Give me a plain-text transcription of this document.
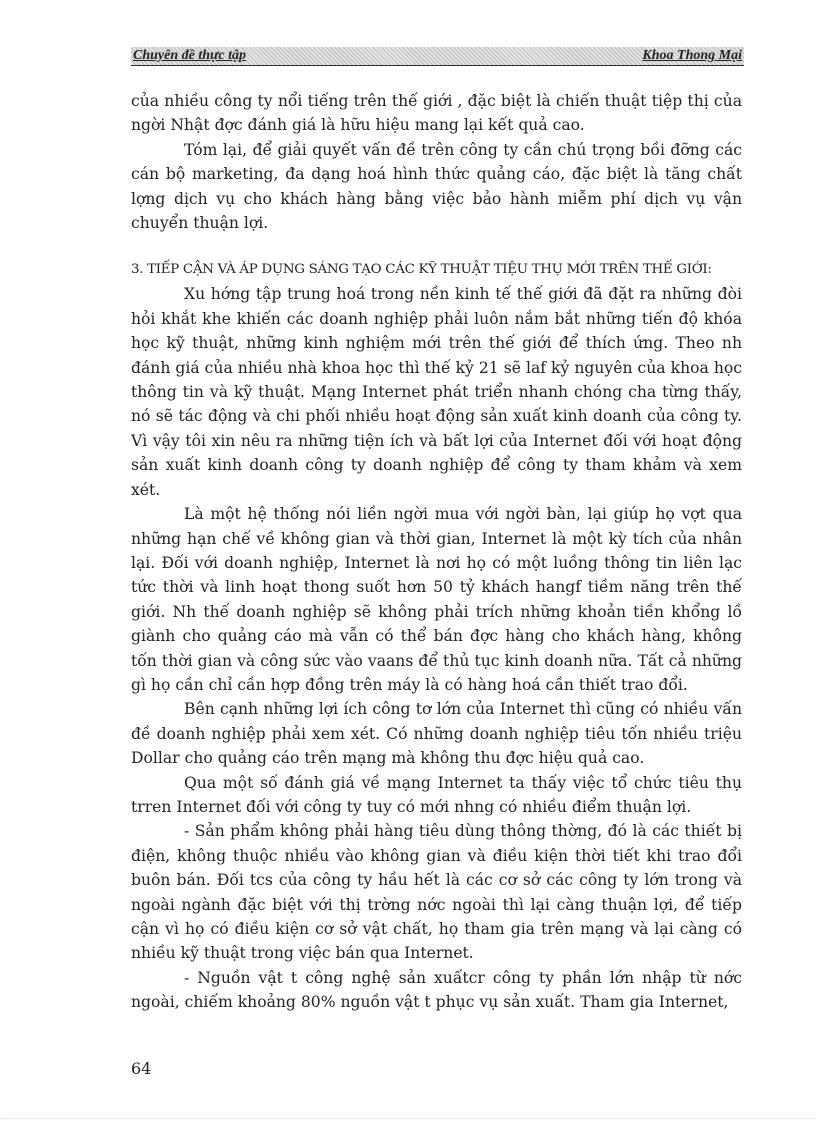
Chuyên đề thực tập	Khoa Thong Mại

của nhiều công ty nổi tiếng trên thế giới , đặc biệt là chiến thuật tiệp thị của ngời Nhật đợc đánh giá là hữu hiệu mang lại kết quả cao.

Tóm lại, để giải quyết vấn đề trên công ty cần chú trọng bồi đỡng các cán bộ marketing, đa dạng hoá hình thức quảng cáo, đặc biệt là tăng chất lợng dịch vụ cho khách hàng bằng việc bảo hành miễm phí dịch vụ vận chuyển thuận lợi.

3. TIẾP CẬN VÀ ÁP DỤNG SÁNG TẠO CÁC KỸ THUẬT TIỆU THỤ MỚI TRÊN THẾ GIỚI:

Xu hớng tập trung hoá trong nền kinh tế thế giới đã đặt ra những đòi hỏi khắt khe khiến các doanh nghiệp phải luôn nắm bắt những tiến độ khóa học kỹ thuật, những kinh nghiệm mới trên thế giới để thích ứng. Theo nh đánh giá của nhiều nhà khoa học thì thế kỷ 21 sẽ laf kỷ nguyên của khoa học thông tin và kỹ thuật. Mạng Internet phát triển nhanh chóng cha từng thấy, nó sẽ tác động và chi phối nhiều hoạt động sản xuất kinh doanh của công ty. Vì vậy tôi xin nêu ra những tiện ích và bất lợi của Internet đối với hoạt động sản xuất kinh doanh công ty doanh nghiệp để công ty tham khảm và xem xét.

Là một hệ thống nói liền ngời mua với ngời bàn, lại giúp họ vợt qua những hạn chế về không gian và thời gian, Internet là một kỳ tích của nhân lại. Đối với doanh nghiệp, Internet là nơi họ có một luồng thông tin liên lạc tức thời và linh hoạt thong suốt hơn 50 tỷ khách hangf tiềm năng trên thế giới. Nh thế doanh nghiệp sẽ không phải trích những khoản tiền khổng lồ giành cho quảng cáo mà vẫn có thể bán đợc hàng cho khách hàng, không tốn thời gian và công sức vào vaans để thủ tục kinh doanh nữa. Tất cả những gì họ cần chỉ cần hợp đồng trên máy là có hàng hoá cần thiết trao đổi.

Bên cạnh những lợi ích công tơ lớn của Internet thì cũng có nhiều vấn đề doanh nghiệp phải xem xét. Có những doanh nghiệp tiêu tốn nhiều triệu Dollar cho quảng cáo trên mạng mà không thu đợc hiệu quả cao.

Qua một số đánh giá về mạng Internet ta thấy việc tổ chức tiêu thụ trren Internet đối với công ty tuy có mới nhng có nhiều điểm thuận lợi.

- Sản phẩm không phải hàng tiêu dùng thông thờng, đó là các thiết bị điện, không thuộc nhiều vào không gian và điều kiện thời tiết khi trao đổi buôn bán. Đối tcs của công ty hầu hết là các cơ sở các công ty lớn trong và ngoài ngành đặc biệt với thị trờng nớc ngoài thì lại càng thuận lợi, để tiếp cận vì họ có điều kiện cơ sở vật chất, họ tham gia trên mạng và lại càng có nhiều kỹ thuật trong việc bán qua Internet.

- Nguồn vật t công nghệ sản xuấtcr công ty phần lớn nhập từ nớc ngoài, chiếm khoảng 80% nguồn vật t phục vụ sản xuất. Tham gia Internet,

64
